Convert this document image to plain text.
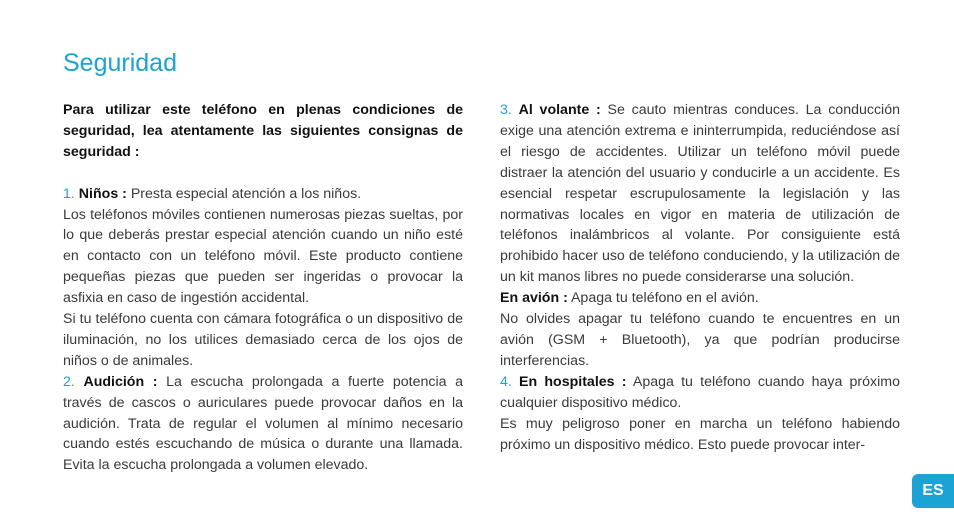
Seguridad

Para utilizar este teléfono en plenas condiciones de seguridad, lea atentamente las siguientes consignas de seguridad :

1. Niños : Presta especial atención a los niños.

Los teléfonos móviles contienen numerosas piezas sueltas, por lo que deberás prestar especial atención cuando un niño esté en contacto con un teléfono móvil. Este producto contiene pequeñas piezas que pueden ser ingeridas o provocar la asfixia en caso de ingestión accidental.

Si tu teléfono cuenta con cámara fotográfica o un dispositivo de iluminación, no los utilices demasiado cerca de los ojos de niños o de animales.

2. Audición : La escucha prolongada a fuerte potencia a través de cascos o auriculares puede provocar daños en la audición. Trata de regular el volumen al mínimo necesario cuando estés escuchando de música o durante una llamada. Evita la escucha prolongada a volumen elevado.

3. Al volante : Se cauto mientras conduces. La conducción exige una atención extrema e ininterrumpida, reduciéndose así el riesgo de accidentes. Utilizar un teléfono móvil puede distraer la atención del usuario y conducirle a un accidente. Es esencial respetar escrupulosamente la legislación y las normativas locales en vigor en materia de utilización de teléfonos inalámbricos al volante. Por consiguiente está prohibido hacer uso de teléfono conduciendo, y la utilización de un kit manos libres no puede considerarse una solución.

En avión : Apaga tu teléfono en el avión.

No olvides apagar tu teléfono cuando te encuentres en un avión (GSM + Bluetooth), ya que podrían producirse interferencias.

4. En hospitales : Apaga tu teléfono cuando haya próximo cualquier dispositivo médico.

Es muy peligroso poner en marcha un teléfono habiendo próximo un dispositivo médico. Esto puede provocar inter-

ES
